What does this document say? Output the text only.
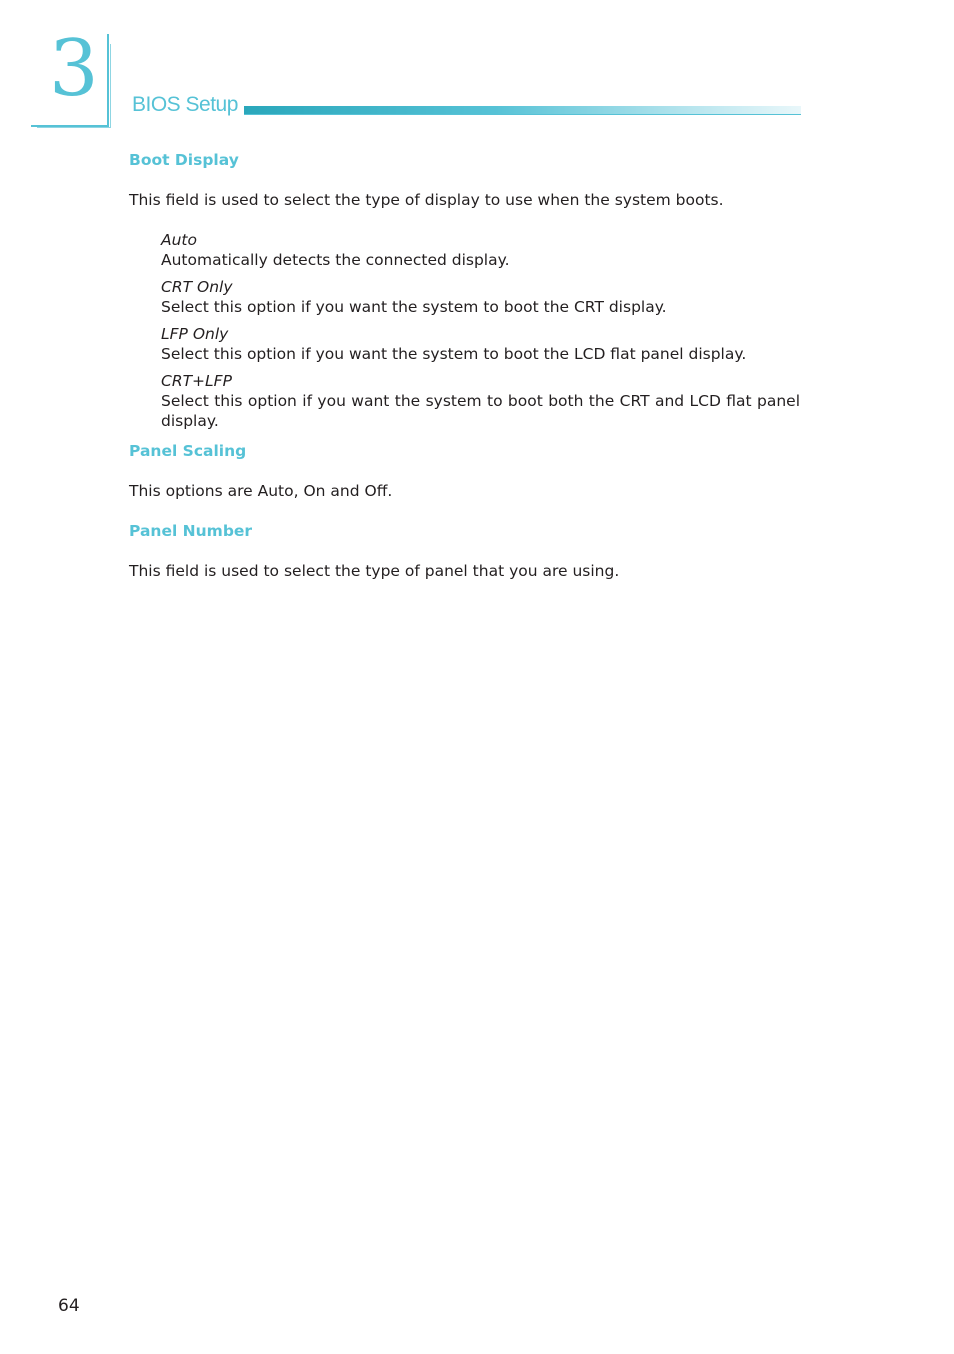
3 BIOS Setup
Boot Display

This field is used to select the type of display to use when the system boots.

Auto
Automatically detects the connected display.
CRT Only
Select this option if you want the system to boot the CRT display.
LFP Only
Select this option if you want the system to boot the LCD flat panel display.
CRT+LFP
Select this option if you want the system to boot both the CRT and LCD flat panel display.
Panel Scaling

This options are Auto, On and Off.

Panel Number

This field is used to select the type of panel that you are using.

64
